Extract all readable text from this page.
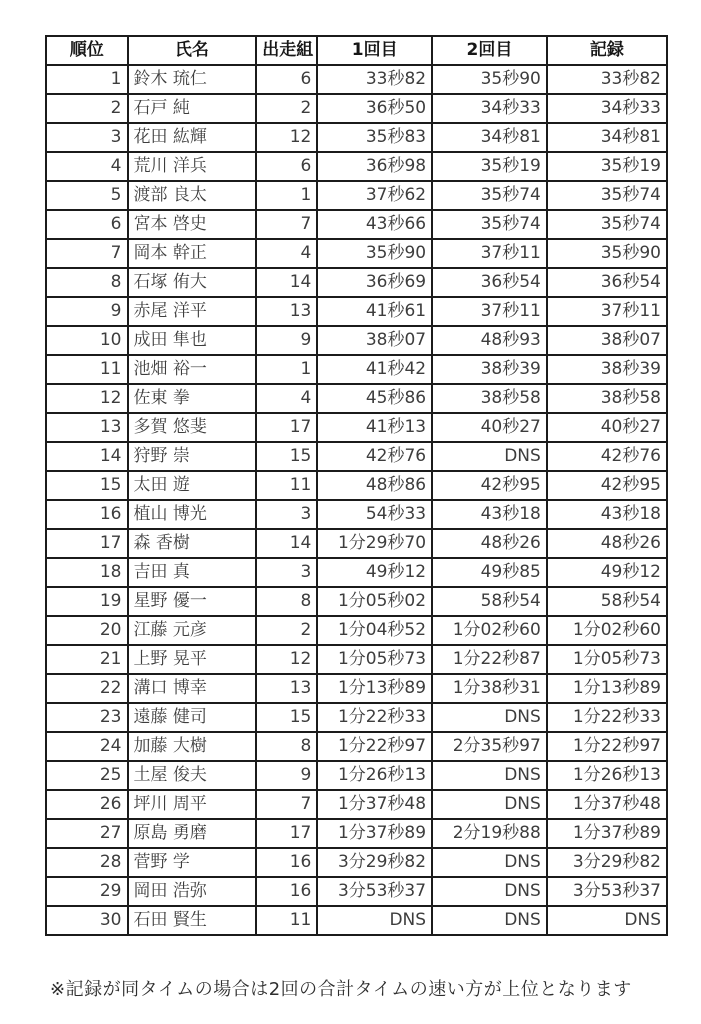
順位	氏名	出走組	1回目	2回目	記録
1	鈴木 琉仁	6	33秒82	35秒90	33秒82
2	石戸 純	2	36秒50	34秒33	34秒33
3	花田 紘輝	12	35秒83	34秒81	34秒81
4	荒川 洋兵	6	36秒98	35秒19	35秒19
5	渡部 良太	1	37秒62	35秒74	35秒74
6	宮本 啓史	7	43秒66	35秒74	35秒74
7	岡本 幹正	4	35秒90	37秒11	35秒90
8	石塚 侑大	14	36秒69	36秒54	36秒54
9	赤尾 洋平	13	41秒61	37秒11	37秒11
10	成田 隼也	9	38秒07	48秒93	38秒07
11	池畑 裕一	1	41秒42	38秒39	38秒39
12	佐東 拳	4	45秒86	38秒58	38秒58
13	多賀 悠斐	17	41秒13	40秒27	40秒27
14	狩野 崇	15	42秒76	DNS	42秒76
15	太田 遊	11	48秒86	42秒95	42秒95
16	植山 博光	3	54秒33	43秒18	43秒18
17	森 香樹	14	1分29秒70	48秒26	48秒26
18	吉田 真	3	49秒12	49秒85	49秒12
19	星野 優一	8	1分05秒02	58秒54	58秒54
20	江藤 元彦	2	1分04秒52	1分02秒60	1分02秒60
21	上野 晃平	12	1分05秒73	1分22秒87	1分05秒73
22	溝口 博幸	13	1分13秒89	1分38秒31	1分13秒89
23	遠藤 健司	15	1分22秒33	DNS	1分22秒33
24	加藤 大樹	8	1分22秒97	2分35秒97	1分22秒97
25	土屋 俊夫	9	1分26秒13	DNS	1分26秒13
26	坪川 周平	7	1分37秒48	DNS	1分37秒48
27	原島 勇磨	17	1分37秒89	2分19秒88	1分37秒89
28	菅野 学	16	3分29秒82	DNS	3分29秒82
29	岡田 浩弥	16	3分53秒37	DNS	3分53秒37
30	石田 賢生	11	DNS	DNS	DNS

※記録が同タイムの場合は2回の合計タイムの速い方が上位となります
